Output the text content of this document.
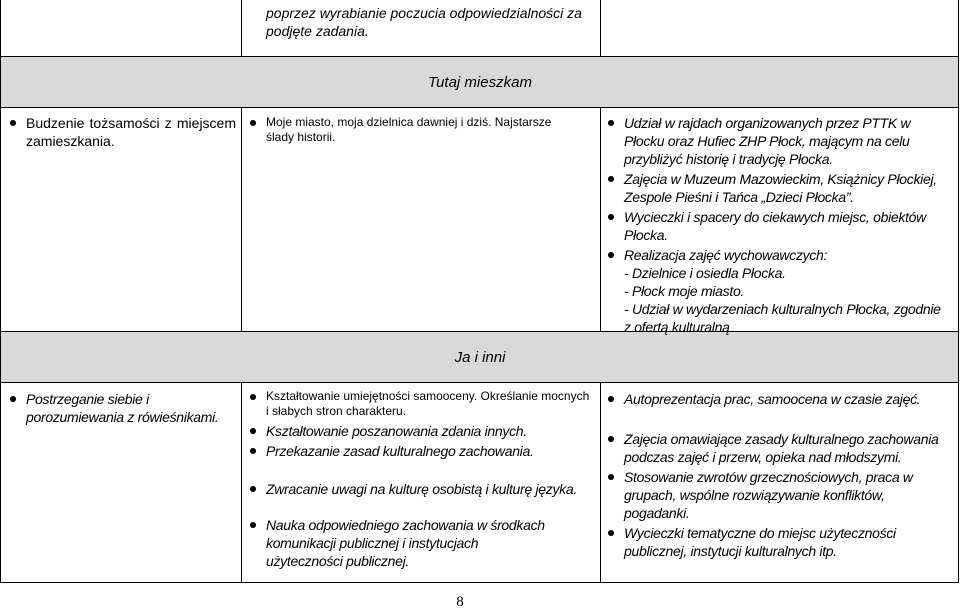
poprzez wyrabianie poczucia odpowiedzialności za podjęte zadania.
Tutaj mieszkam
Budzenie tożsamości z miejscem zamieszkania.
Moje miasto, moja dzielnica dawniej i dziś. Najstarsze ślady historii.
Udział w rajdach organizowanych przez PTTK w Płocku oraz Hufiec ZHP Płock, mającym na celu przybliżyć historię i tradycję Płocka.
Zajęcia w Muzeum Mazowieckim, Książnicy Płockiej, Zespole Pieśni i Tańca „Dzieci Płocka”.
Wycieczki i spacery do ciekawych miejsc, obiektów Płocka.
Realizacja zajęć wychowawczych:
- Dzielnice i osiedla Płocka.
- Płock moje miasto.
- Udział w wydarzeniach kulturalnych Płocka, zgodnie z ofertą kulturalną
Ja i inni
Postrzeganie siebie i porozumiewania z rówieśnikami.
Kształtowanie umiejętności samooceny. Określanie mocnych i słabych stron charakteru.
Kształtowanie poszanowania zdania innych.
Przekazanie zasad kulturalnego zachowania.
Zwracanie uwagi na kulturę osobistą i kulturę języka.
Nauka odpowiedniego zachowania w środkach komunikacji publicznej i instytucjach użyteczności publicznej.
Autoprezentacja prac, samoocena w czasie zajęć.
Zajęcia omawiające zasady kulturalnego zachowania podczas zajęć i przerw, opieka nad młodszymi.
Stosowanie zwrotów grzecznościowych, praca w grupach, wspólne rozwiązywanie konfliktów, pogadanki.
Wycieczki tematyczne do miejsc użyteczności publicznej, instytucji kulturalnych itp.
8
